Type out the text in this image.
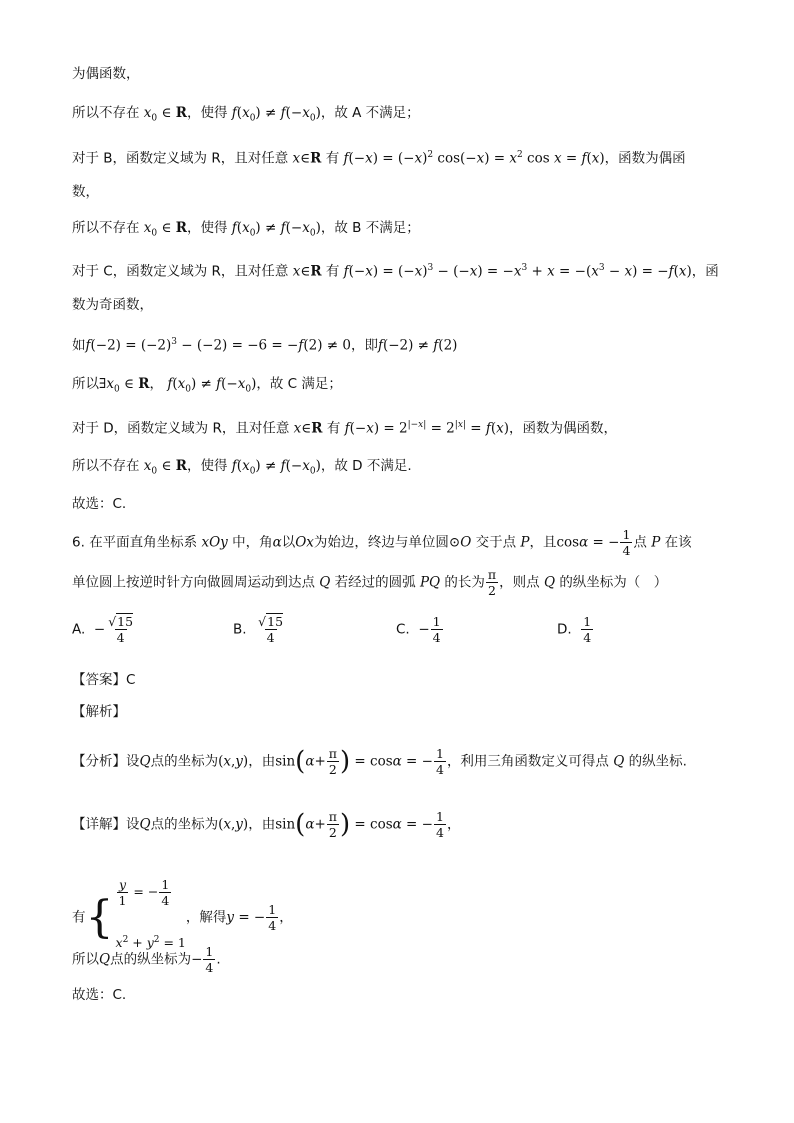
为偶函数，
所以不存在 $x_0$ ∈ R，使得 $f(x_0) \ne f(-x_0)$，故 A 不满足；
对于 B，函数定义域为 R，且对任意 x∈R 有 $f(-x) = (-x)^2$ $\cos(-x) = x^2$ cos x = f(x)，函数为偶函
数，
所以不存在 $x_0$ ∈ R，使得 $f(x_0) \ne f(-x_0)$，故 B 不满足；
对于 C，函数定义域为 R，且对任意 x∈R 有 $f(-x) = (-x)^3 - (-x) = -x^3 + x = -(x^3 - x) = -f(x)$，函
数为奇函数，
如$f(-2) = (-2)^3 - (-2) = -6 = -f(2) \ne 0$，即f(−2) ≠ f(2)
所以$\exists x_0$ ∈ R， $f(x_0) \ne f(-x_0)$，故 C 满足；
对于 D，函数定义域为 R，且对任意 x∈R 有 $f(-x) = 2^{|-x|} = 2^{|x|} = f(x)$，函数为偶函数，
所以不存在 $x_0$ ∈ R，使得 $f(x_0) \ne f(-x_0)$，故 D 不满足.
故选：C.
6. 在平面直角坐标系 xOy 中，角α以Ox为始边，终边与单位圆⊙O 交于点 P，且cosα = − $\frac{1}{4}$ 点 P 在该
单位圆上按逆时针方向做圆周运动到达点 Q 若经过的圆弧 PQ 的长为 $\frac{\pi}{2}$ ，则点 Q 的纵坐标为（　）
A. − $\frac{√15}{4}$	B. $\frac{√15}{4}$	C. − $\frac{1}{4}$	D. $\frac{1}{4}$
【答案】C
【解析】
【分析】设Q点的坐标为(x,y)，由$\sin(\alpha+ \frac{\pi}{2}$ ) = cosα = − $\frac{1}{4}$ ，利用三角函数定义可得点 Q 的纵坐标.
【详解】设Q点的坐标为(x,y)，由$\sin(\alpha+ \frac{\pi}{2}$ ) = cosα = − $\frac{1}{4}$ ，
有 { $\frac{y}{1}$ = − $\frac{1}{4}$
$x^2 + y^2 = 1$
，解得y = − $\frac{1}{4}$ ，
所以Q点的纵坐标为− $\frac{1}{4}$ .
故选：C.
